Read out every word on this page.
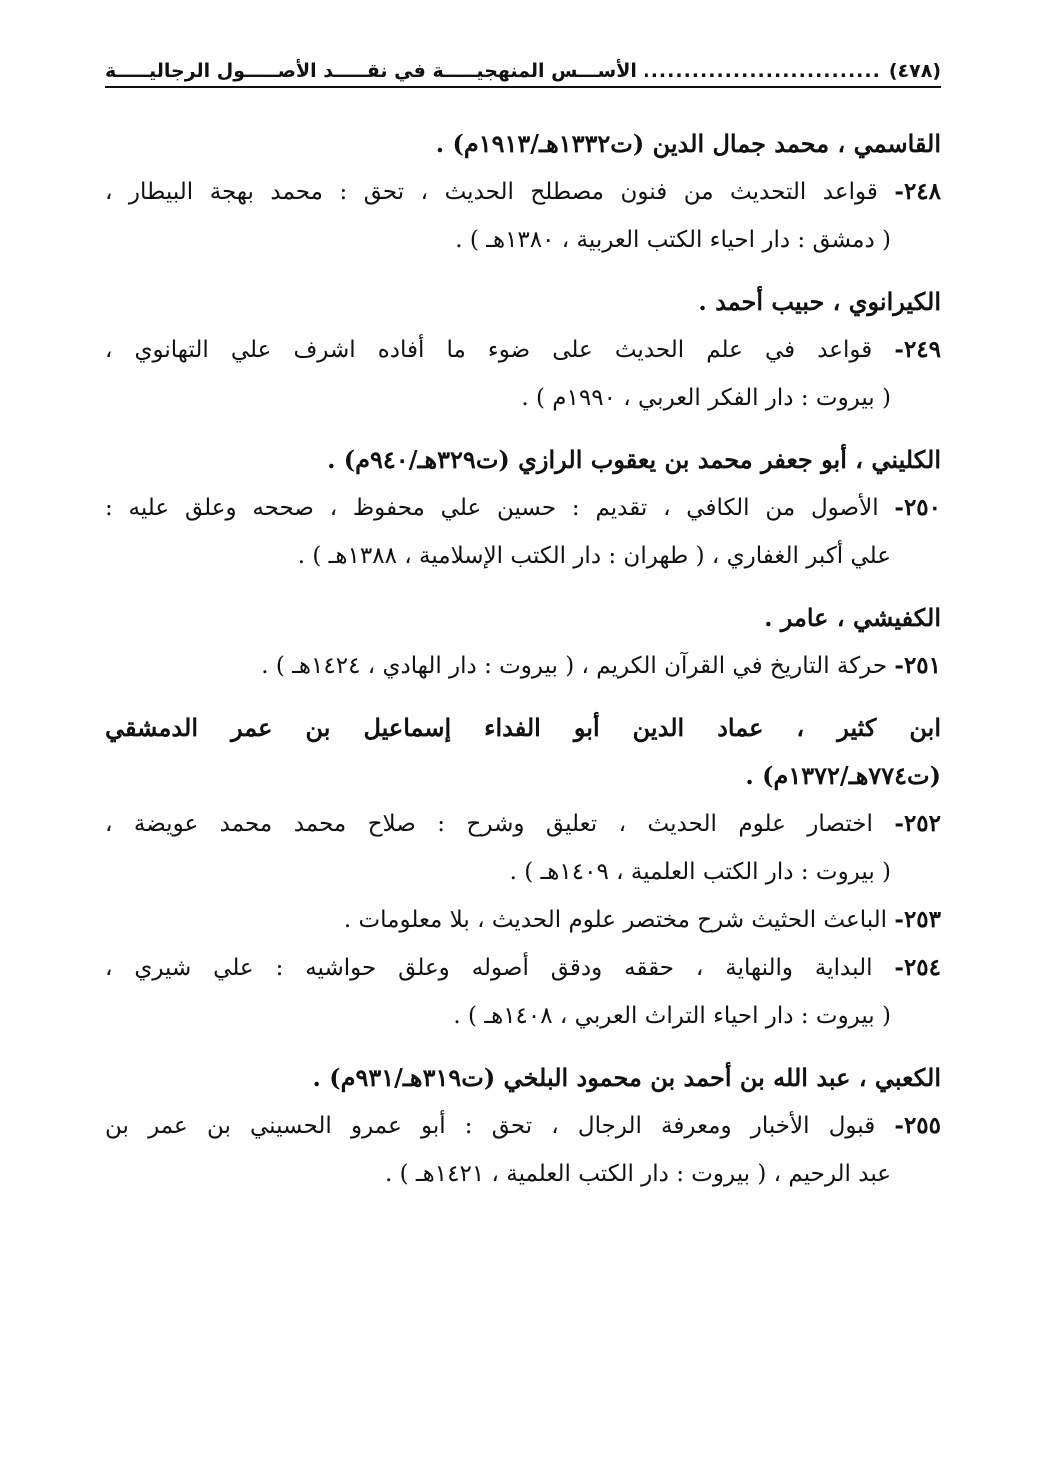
(٤٧٨)
.....
الأســـس المنهجيـــــة في نقـــــد الأصـــــول الرجاليـــــة
القاسمي ، محمد جمال الدين (ت١٣٣٢هـ/١٩١٣م) .
٢٤٨- قواعد التحديث من فنون مصطلح الحديث ، تحق : محمد بهجة البيطار ،
( دمشق : دار احياء الكتب العربية ، ١٣٨٠هـ ) .
الكيرانوي ، حبيب أحمد .
٢٤٩- قواعد في علم الحديث على ضوء ما أفاده اشرف علي التهانوي ،
( بيروت : دار الفكر العربي ، ١٩٩٠م ) .
الكليني ، أبو جعفر محمد بن يعقوب الرازي (ت٣٢٩هـ/٩٤٠م) .
٢٥٠- الأصول من الكافي ، تقديم : حسين علي محفوظ ، صححه وعلق عليه :
علي أكبر الغفاري ، ( طهران : دار الكتب الإسلامية ، ١٣٨٨هـ ) .
الكفيشي ، عامر .
٢٥١- حركة التاريخ في القرآن الكريم ، ( بيروت : دار الهادي ، ١٤٢٤هـ ) .
ابن كثير ، عماد الدين أبو الفداء إسماعيل بن عمر الدمشقي
(ت٧٧٤هـ/١٣٧٢م) .
٢٥٢- اختصار علوم الحديث ، تعليق وشرح : صلاح محمد محمد عويضة ،
( بيروت : دار الكتب العلمية ، ١٤٠٩هـ ) .
٢٥٣- الباعث الحثيث شرح مختصر علوم الحديث ، بلا معلومات .
٢٥٤- البداية والنهاية ، حققه ودقق أصوله وعلق حواشيه : علي شيري ،
( بيروت : دار احياء التراث العربي ، ١٤٠٨هـ ) .
الكعبي ، عبد الله بن أحمد بن محمود البلخي (ت٣١٩هـ/٩٣١م) .
٢٥٥- قبول الأخبار ومعرفة الرجال ، تحق : أبو عمرو الحسيني بن عمر بن
عبد الرحيم ، ( بيروت : دار الكتب العلمية ، ١٤٢١هـ ) .
